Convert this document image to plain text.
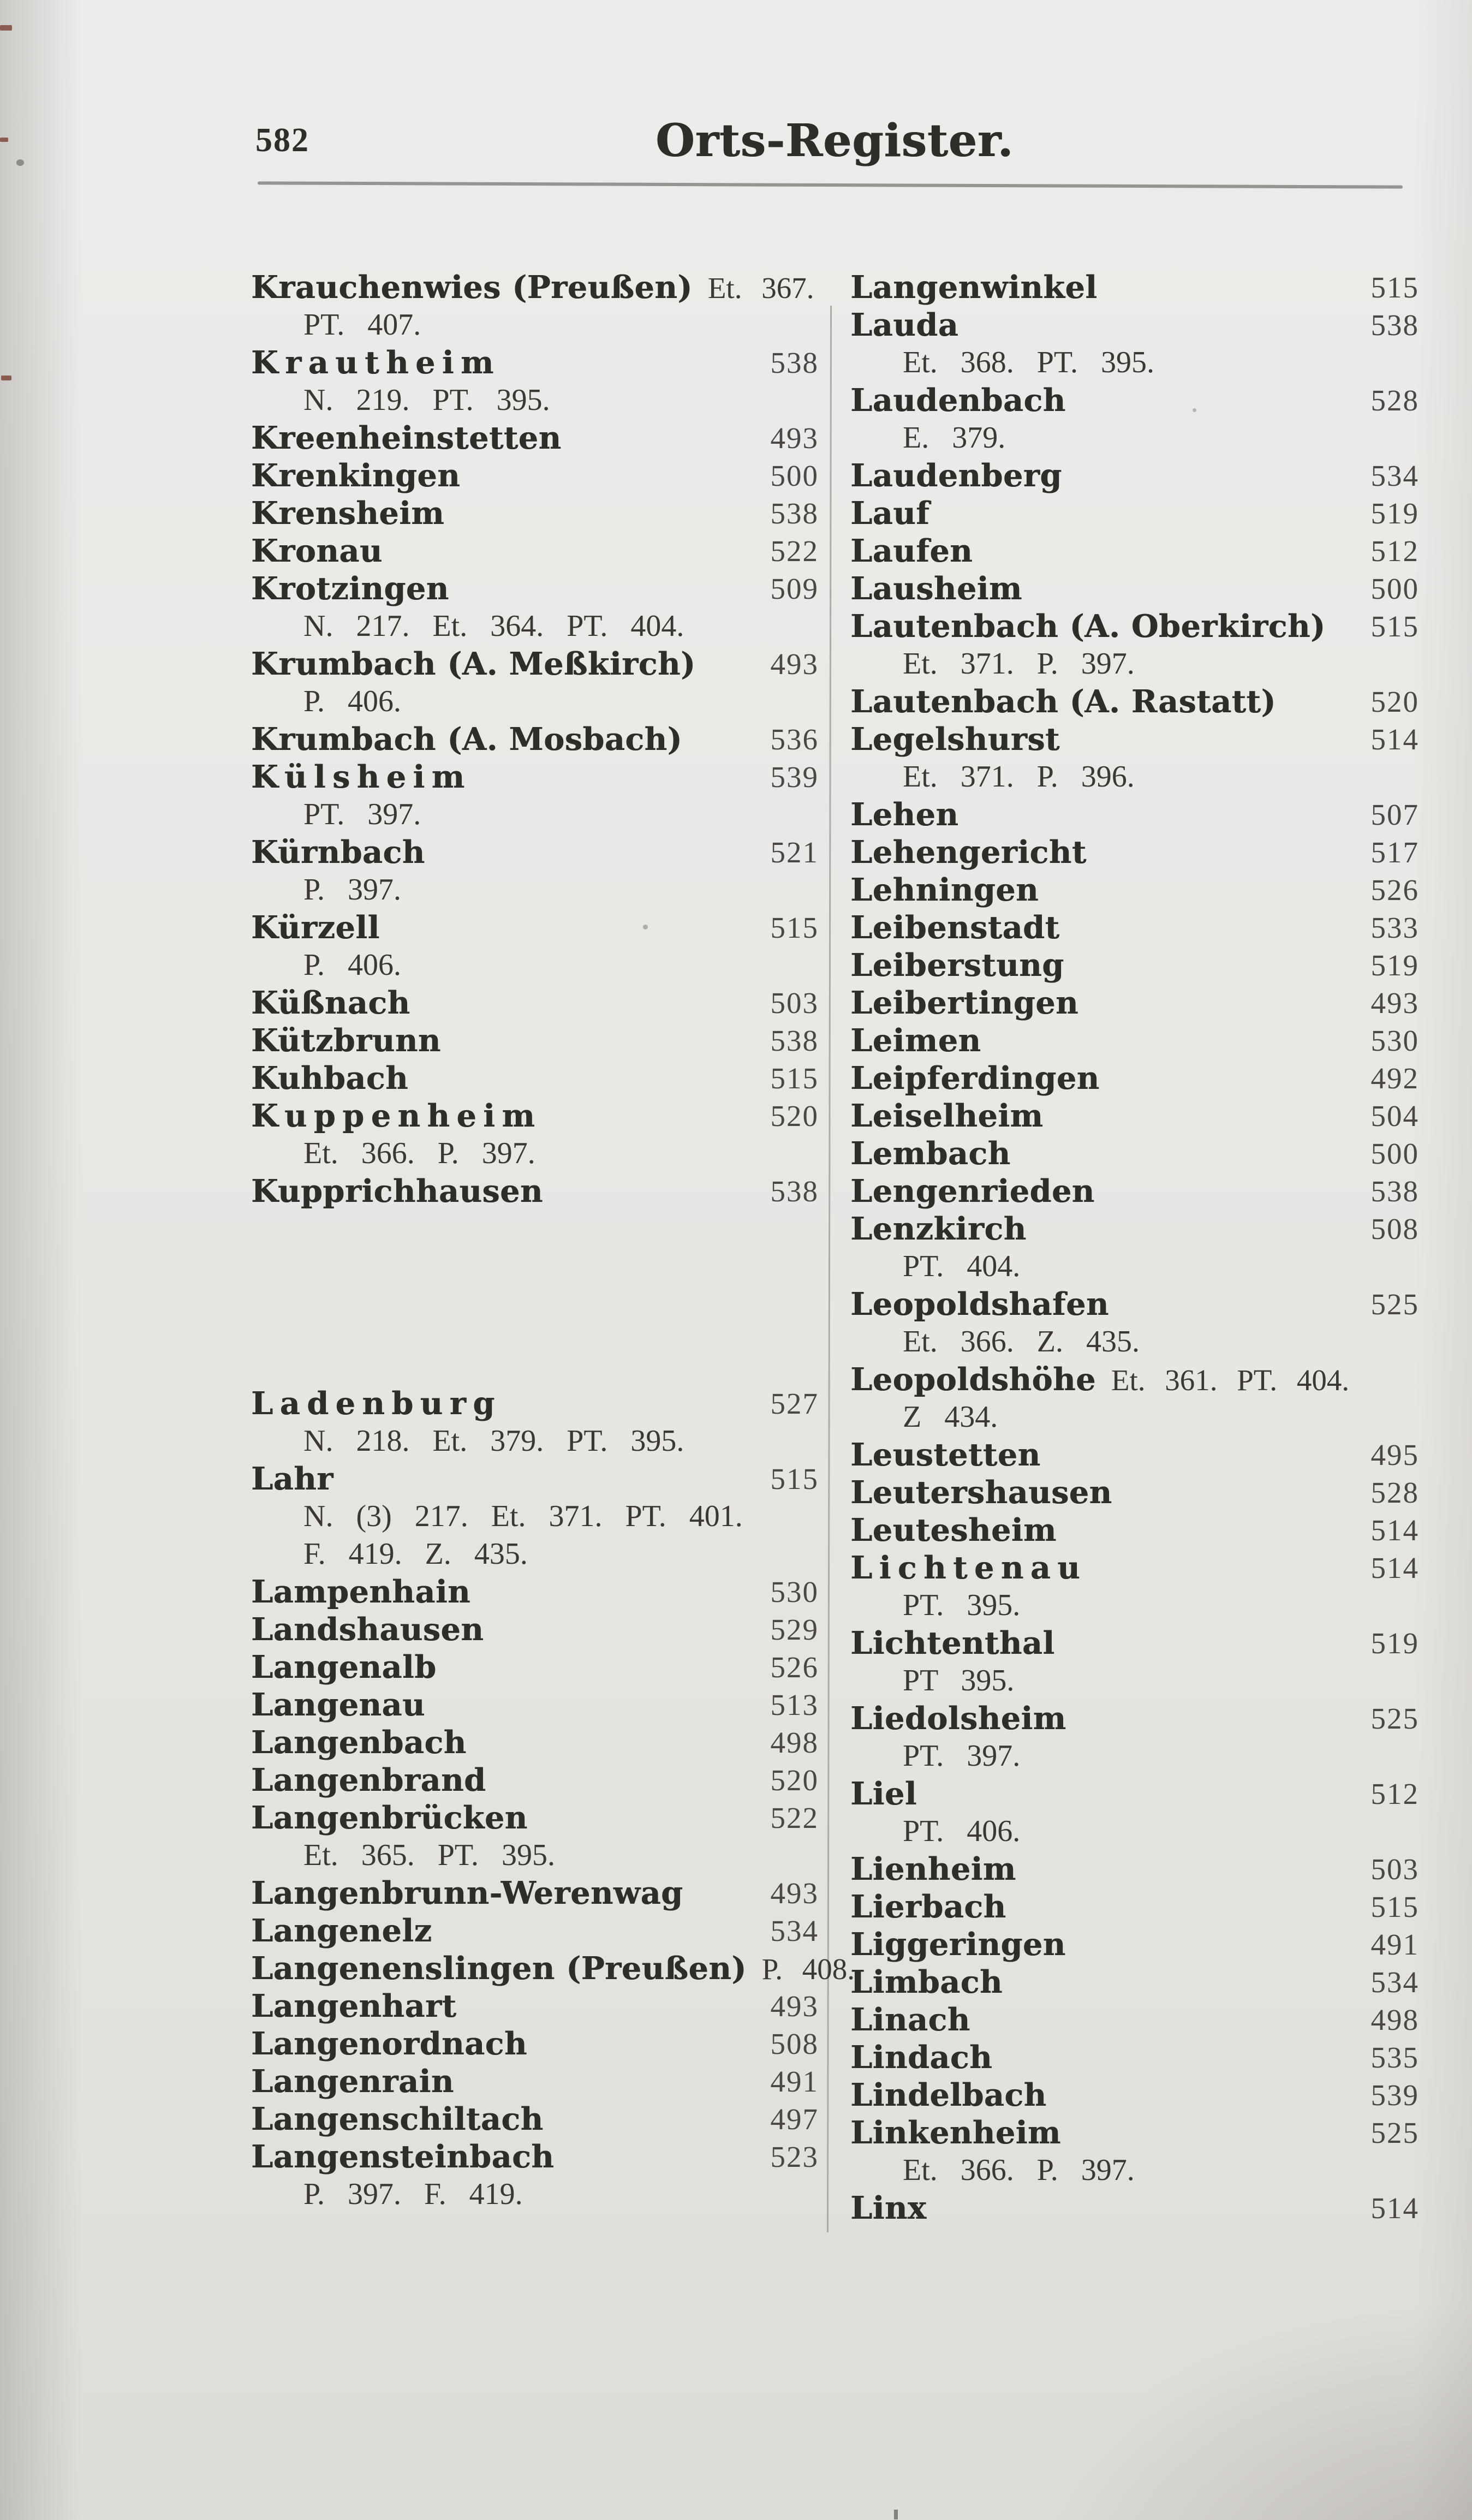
582	Orts-Register.
Krauchenwies (Preußen) Et. 367.
PT. 407.
Krautheim	538
N. 219. PT. 395.
Kreenheinstetten	493
Krenkingen	500
Krensheim	538
Kronau	522
Krotzingen	509
N. 217. Et. 364. PT. 404.
Krumbach (A. Meßkirch) 493
P. 406.
Krumbach (A. Mosbach)	536
Külsheim	539
PT. 397.
Kürnbach	521
P. 397.
Kürzell	515
P. 406.
Küßnach	503
Kützbrunn	538
Kuhbach	515
Kuppenheim	520
Et. 366. P. 397.
Kupprichhausen	538
Ladenburg	527
N. 218. Et. 379. PT. 395.
Lahr	515
N. (3) 217. Et. 371. PT. 401.
F. 419. Z. 435.
Lampenhain	530
Landshausen	529
Langenalb	526
Langenau	513
Langenbach	498
Langenbrand	520
Langenbrücken	522
Et. 365. PT. 395.
Langenbrunn-Werenwag	493
Langenelz	534
Langenenslingen (Preußen) P. 408.
Langenhart	493
Langenordnach	508
Langenrain	491
Langenschiltach	497
Langensteinbach	523
P. 397. F. 419.
Langenwinkel	515
Lauda	538
Et. 368. PT. 395.
Laudenbach	528
E. 379.
Laudenberg	534
Lauf	519
Laufen	512
Lausheim	500
Lautenbach (A. Oberkirch) 515
Et. 371. P. 397.
Lautenbach (A. Rastatt)	520
Legelshurst	514
Et. 371. P. 396.
Lehen	507
Lehengericht	517
Lehningen	526
Leibenstadt	533
Leiberstung	519
Leibertingen	493
Leimen	530
Leipferdingen	492
Leiselheim	504
Lembach	500
Lengenrieden	538
Lenzkirch	508
PT. 404.
Leopoldshafen	525
Et. 366. Z. 435.
Leopoldshöhe Et. 361. PT. 404.
Z 434.
Leustetten	495
Leutershausen	528
Leutesheim	514
Lichtenau	514
PT. 395.
Lichtenthal	519
PT 395.
Liedolsheim	525
PT. 397.
Liel	512
PT. 406.
Lienheim	503
Lierbach	515
Liggeringen	491
Limbach	534
Linach	498
Lindach	535
Lindelbach	539
Linkenheim	525
Et. 366. P. 397.
Linx	514
